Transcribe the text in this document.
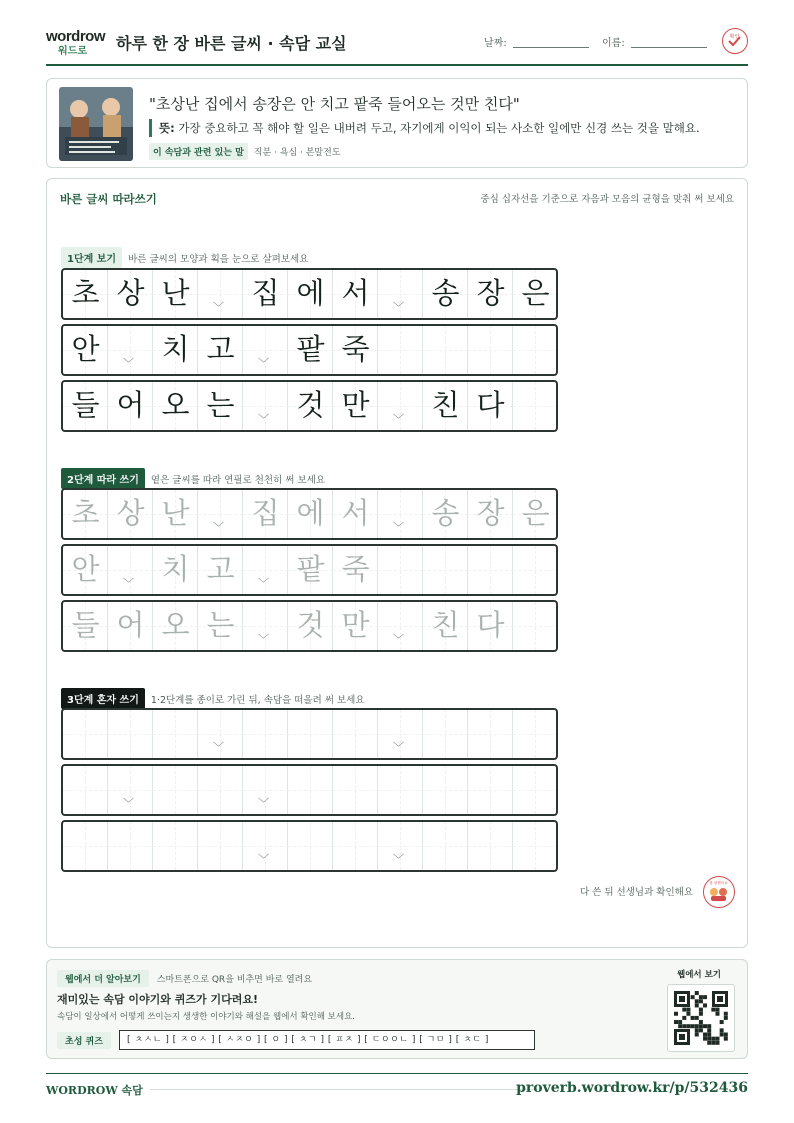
wordrow
워드로 하루 한 장 바른 글씨 · 속담 교실	날짜:	이름:
확인
"초상난 집에서 송장은 안 치고 팥죽 들어오는 것만 친다"
뜻: 가장 중요하고 꼭 해야 할 일은 내버려 두고, 자기에게 이익이 되는 사소한 일에만 신경 쓰는 것을 말해요.
이 속담과 관련 있는 말 직분 · 욕심 · 본말전도
바른 글씨 따라쓰기	중심 십자선을 기준으로 자음과 모음의 균형을 맞춰 써 보세요
1단계 보기 바른 글씨의 모양과 획을 눈으로 살펴보세요
2단계 따라 쓰기 옅은 글씨를 따라 연필로 천천히 써 보세요
3단계 혼자 쓰기 1·2단계를 종이로 가린 뒤, 속담을 떠올려 써 보세요
다 쓴 뒤 선생님과 확인해요
참 잘했어요
초 상 난	﹀ 집 에 서	﹀ 송 장 은
안	﹀ 치 고	﹀ 팥 죽
들 어 오 는	﹀ 것 만	﹀ 친 다
초 상 난	﹀ 집 에 서	﹀ 송 장 은
안	﹀ 치 고	﹀ 팥 죽
들 어 오 는	﹀ 것 만	﹀ 친 다
﹀	﹀
﹀	﹀
﹀	﹀
웹에서 더 알아보기 스마트폰으로 QR을 비추면 바로 열려요
재미있는 속담 이야기와 퀴즈가 기다려요!
속담이 일상에서 어떻게 쓰이는지 생생한 이야기와 해설을 웹에서 확인해 보세요.
초성 퀴즈	[ ㅊㅅㄴ ] [ ㅈㅇㅅ ] [ ㅅㅈㅇ ] [ ㅇ ] [ ㅊㄱ ] [ ㅍㅈ ] [ ㄷㅇㅇㄴ ] [ ㄱㅁ ] [ ㅊㄷ ]
웹에서 보기
WORDROW 속담	proverb.wordrow.kr/p/532436
